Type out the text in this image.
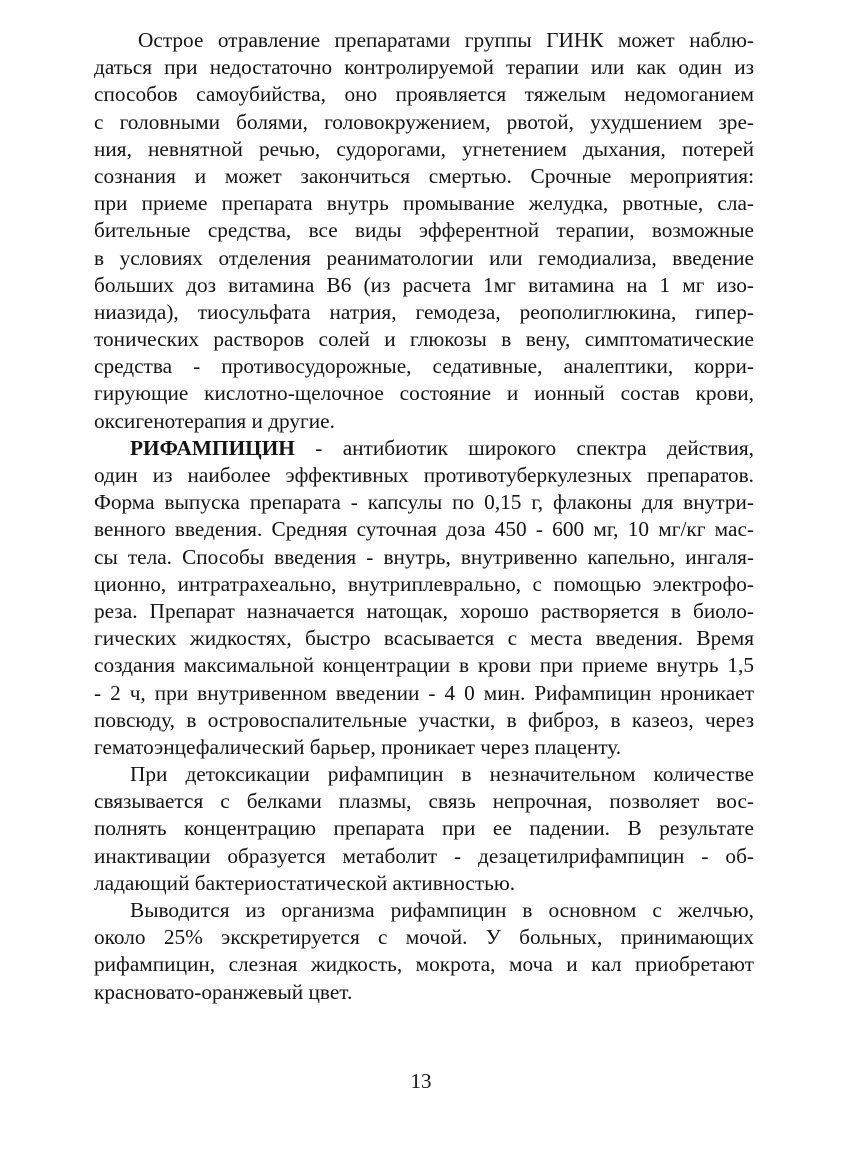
Острое отравление препаратами группы ГИНК может наблю-
даться при недостаточно контролируемой терапии или как один из
способов самоубийства, оно проявляется тяжелым недомоганием
с головными болями, головокружением, рвотой, ухудшением зре-
ния, невнятной речью, судорогами, угнетением дыхания, потерей
сознания и может закончиться смертью. Срочные мероприятия:
при приеме препарата внутрь промывание желудка, рвотные, сла-
бительные средства, все виды эфферентной терапии, возможные
в условиях отделения реаниматологии или гемодиализа, введение
больших доз витамина В6 (из расчета 1мг витамина на 1 мг изо-
ниазида), тиосульфата натрия, гемодеза, реополиглюкина, гипер-
тонических растворов солей и глюкозы в вену, симптоматические
средства - противосудорожные, седативные, аналептики, корри-
гирующие кислотно-щелочное состояние и ионный состав крови,
оксигенотерапия и другие.
РИФАМПИЦИН - антибиотик широкого спектра действия,
один из наиболее эффективных противотуберкулезных препаратов.
Форма выпуска препарата - капсулы по 0,15 г, флаконы для внутри-
венного введения. Средняя суточная доза 450 - 600 мг, 10 мг/кг мас-
сы тела. Способы введения - внутрь, внутривенно капельно, ингаля-
ционно, интратрахеально, внутриплеврально, с помощью электрофо-
реза. Препарат назначается натощак, хорошо растворяется в биоло-
гических жидкостях, быстро всасывается с места введения. Время
создания максимальной концентрации в крови при приеме внутрь 1,5
- 2 ч, при внутривенном введении - 4 0 мин. Рифампицин нроникает
повсюду, в островоспалительные участки, в фиброз, в казеоз, через
гематоэнцефалический барьер, проникает через плаценту.
При детоксикации рифампицин в незначительном количестве
связывается с белками плазмы, связь непрочная, позволяет вос-
полнять концентрацию препарата при ее падении. В результате
инактивации образуется метаболит - дезацетилрифампицин - об-
ладающий бактериостатической активностью.
Выводится из организма рифампицин в основном с желчью,
около 25% экскретируется с мочой. У больных, принимающих
рифампицин, слезная жидкость, мокрота, моча и кал приобретают
красновато-оранжевый цвет.
13
